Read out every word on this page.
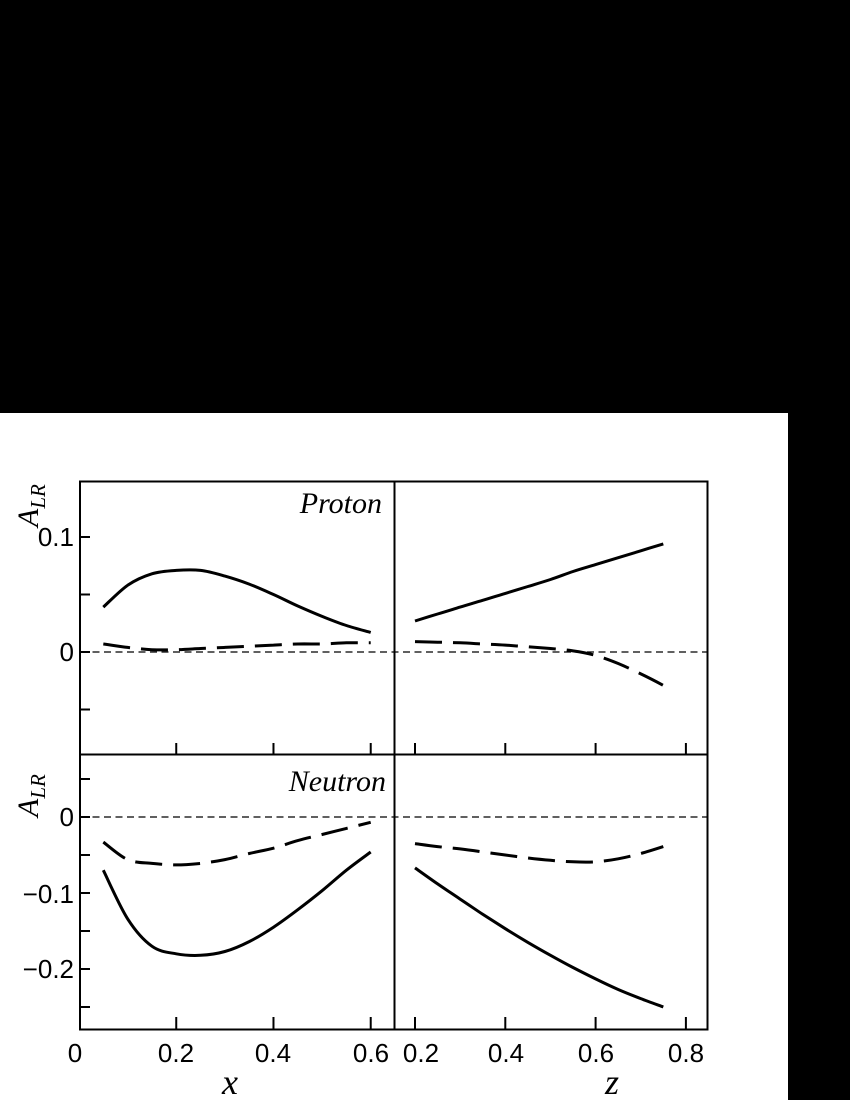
0.1
0
0
−0.1
−0.2
0	0.2 0.4 0.6 0.2 0.4 0.6 0.8
Proton
Neutron
x	z
$A_{LR}$
$A_{LR}$
